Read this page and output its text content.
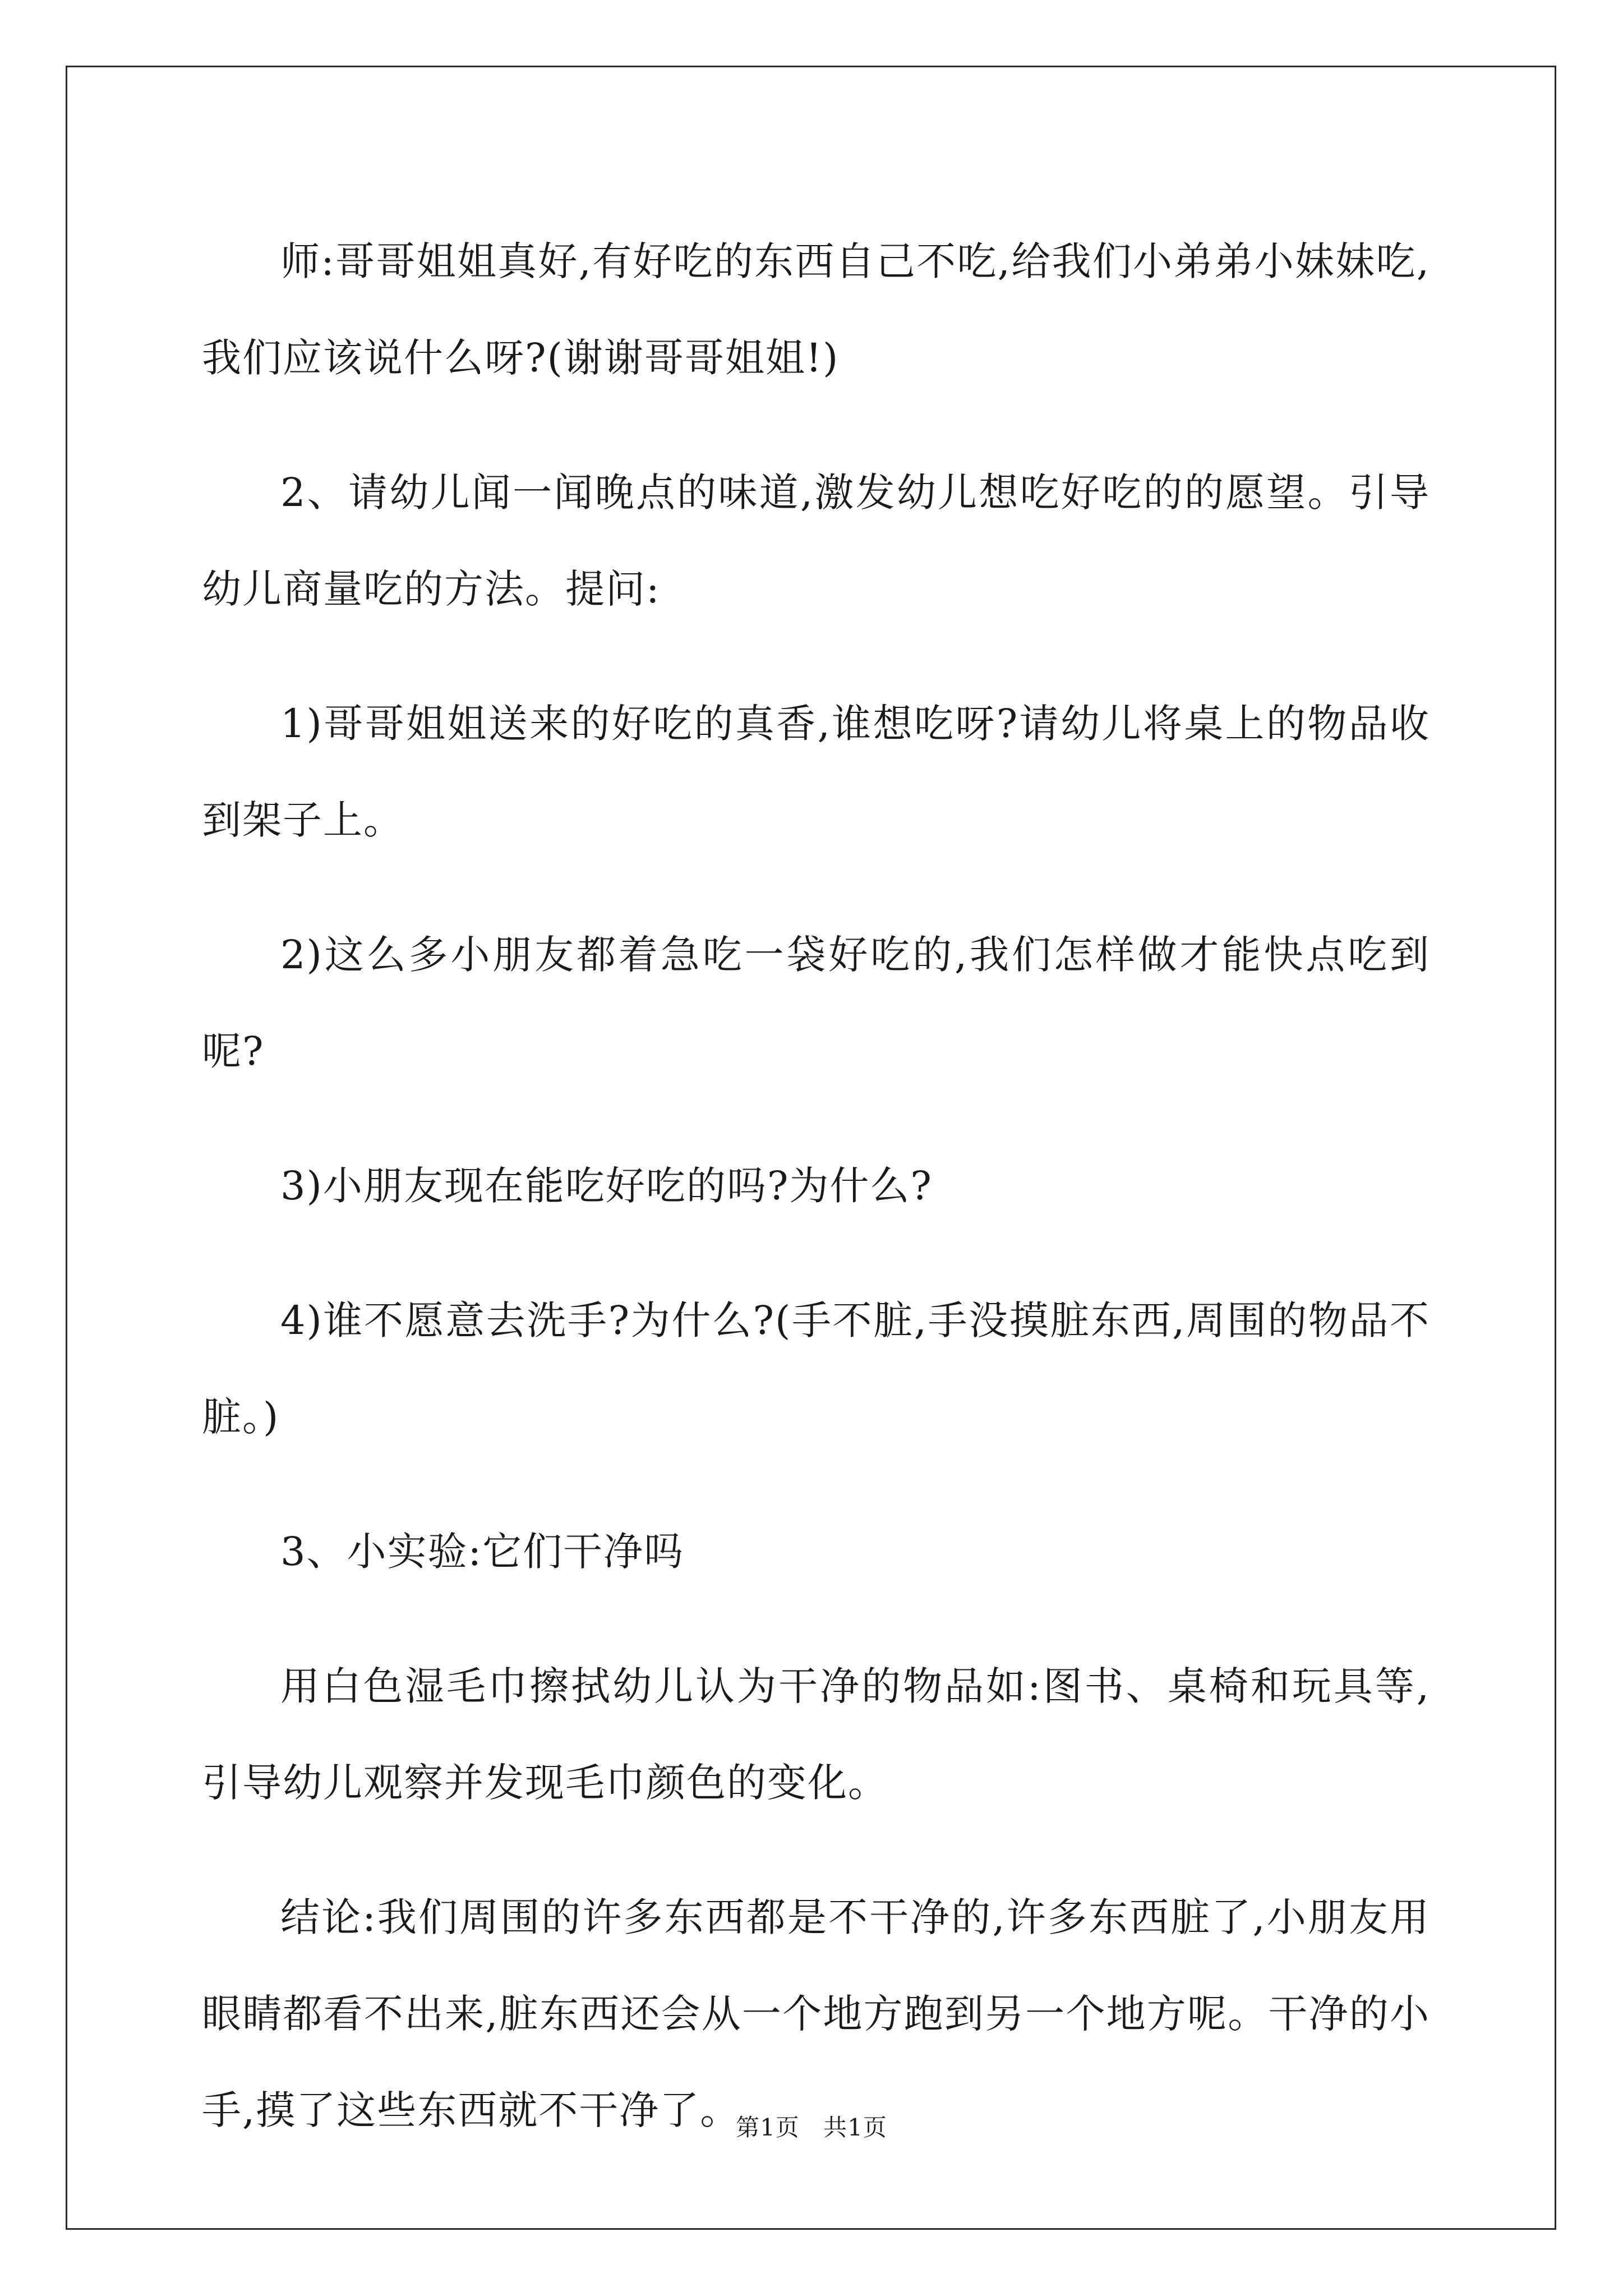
师:哥哥姐姐真好,有好吃的东西自己不吃,给我们小弟弟小妹妹吃,我们应该说什么呀?(谢谢哥哥姐姐!)

2、请幼儿闻一闻晚点的味道,激发幼儿想吃好吃的的愿望。引导幼儿商量吃的方法。提问:

1)哥哥姐姐送来的好吃的真香,谁想吃呀?请幼儿将桌上的物品收到架子上。

2)这么多小朋友都着急吃一袋好吃的,我们怎样做才能快点吃到呢?

3)小朋友现在能吃好吃的吗?为什么?

4)谁不愿意去洗手?为什么?(手不脏,手没摸脏东西,周围的物品不脏。)

3、小实验:它们干净吗

用白色湿毛巾擦拭幼儿认为干净的物品如:图书、桌椅和玩具等,引导幼儿观察并发现毛巾颜色的变化。

结论:我们周围的许多东西都是不干净的,许多东西脏了,小朋友用眼睛都看不出来,脏东西还会从一个地方跑到另一个地方呢。干净的小手,摸了这些东西就不干净了。

第1页 共1页
